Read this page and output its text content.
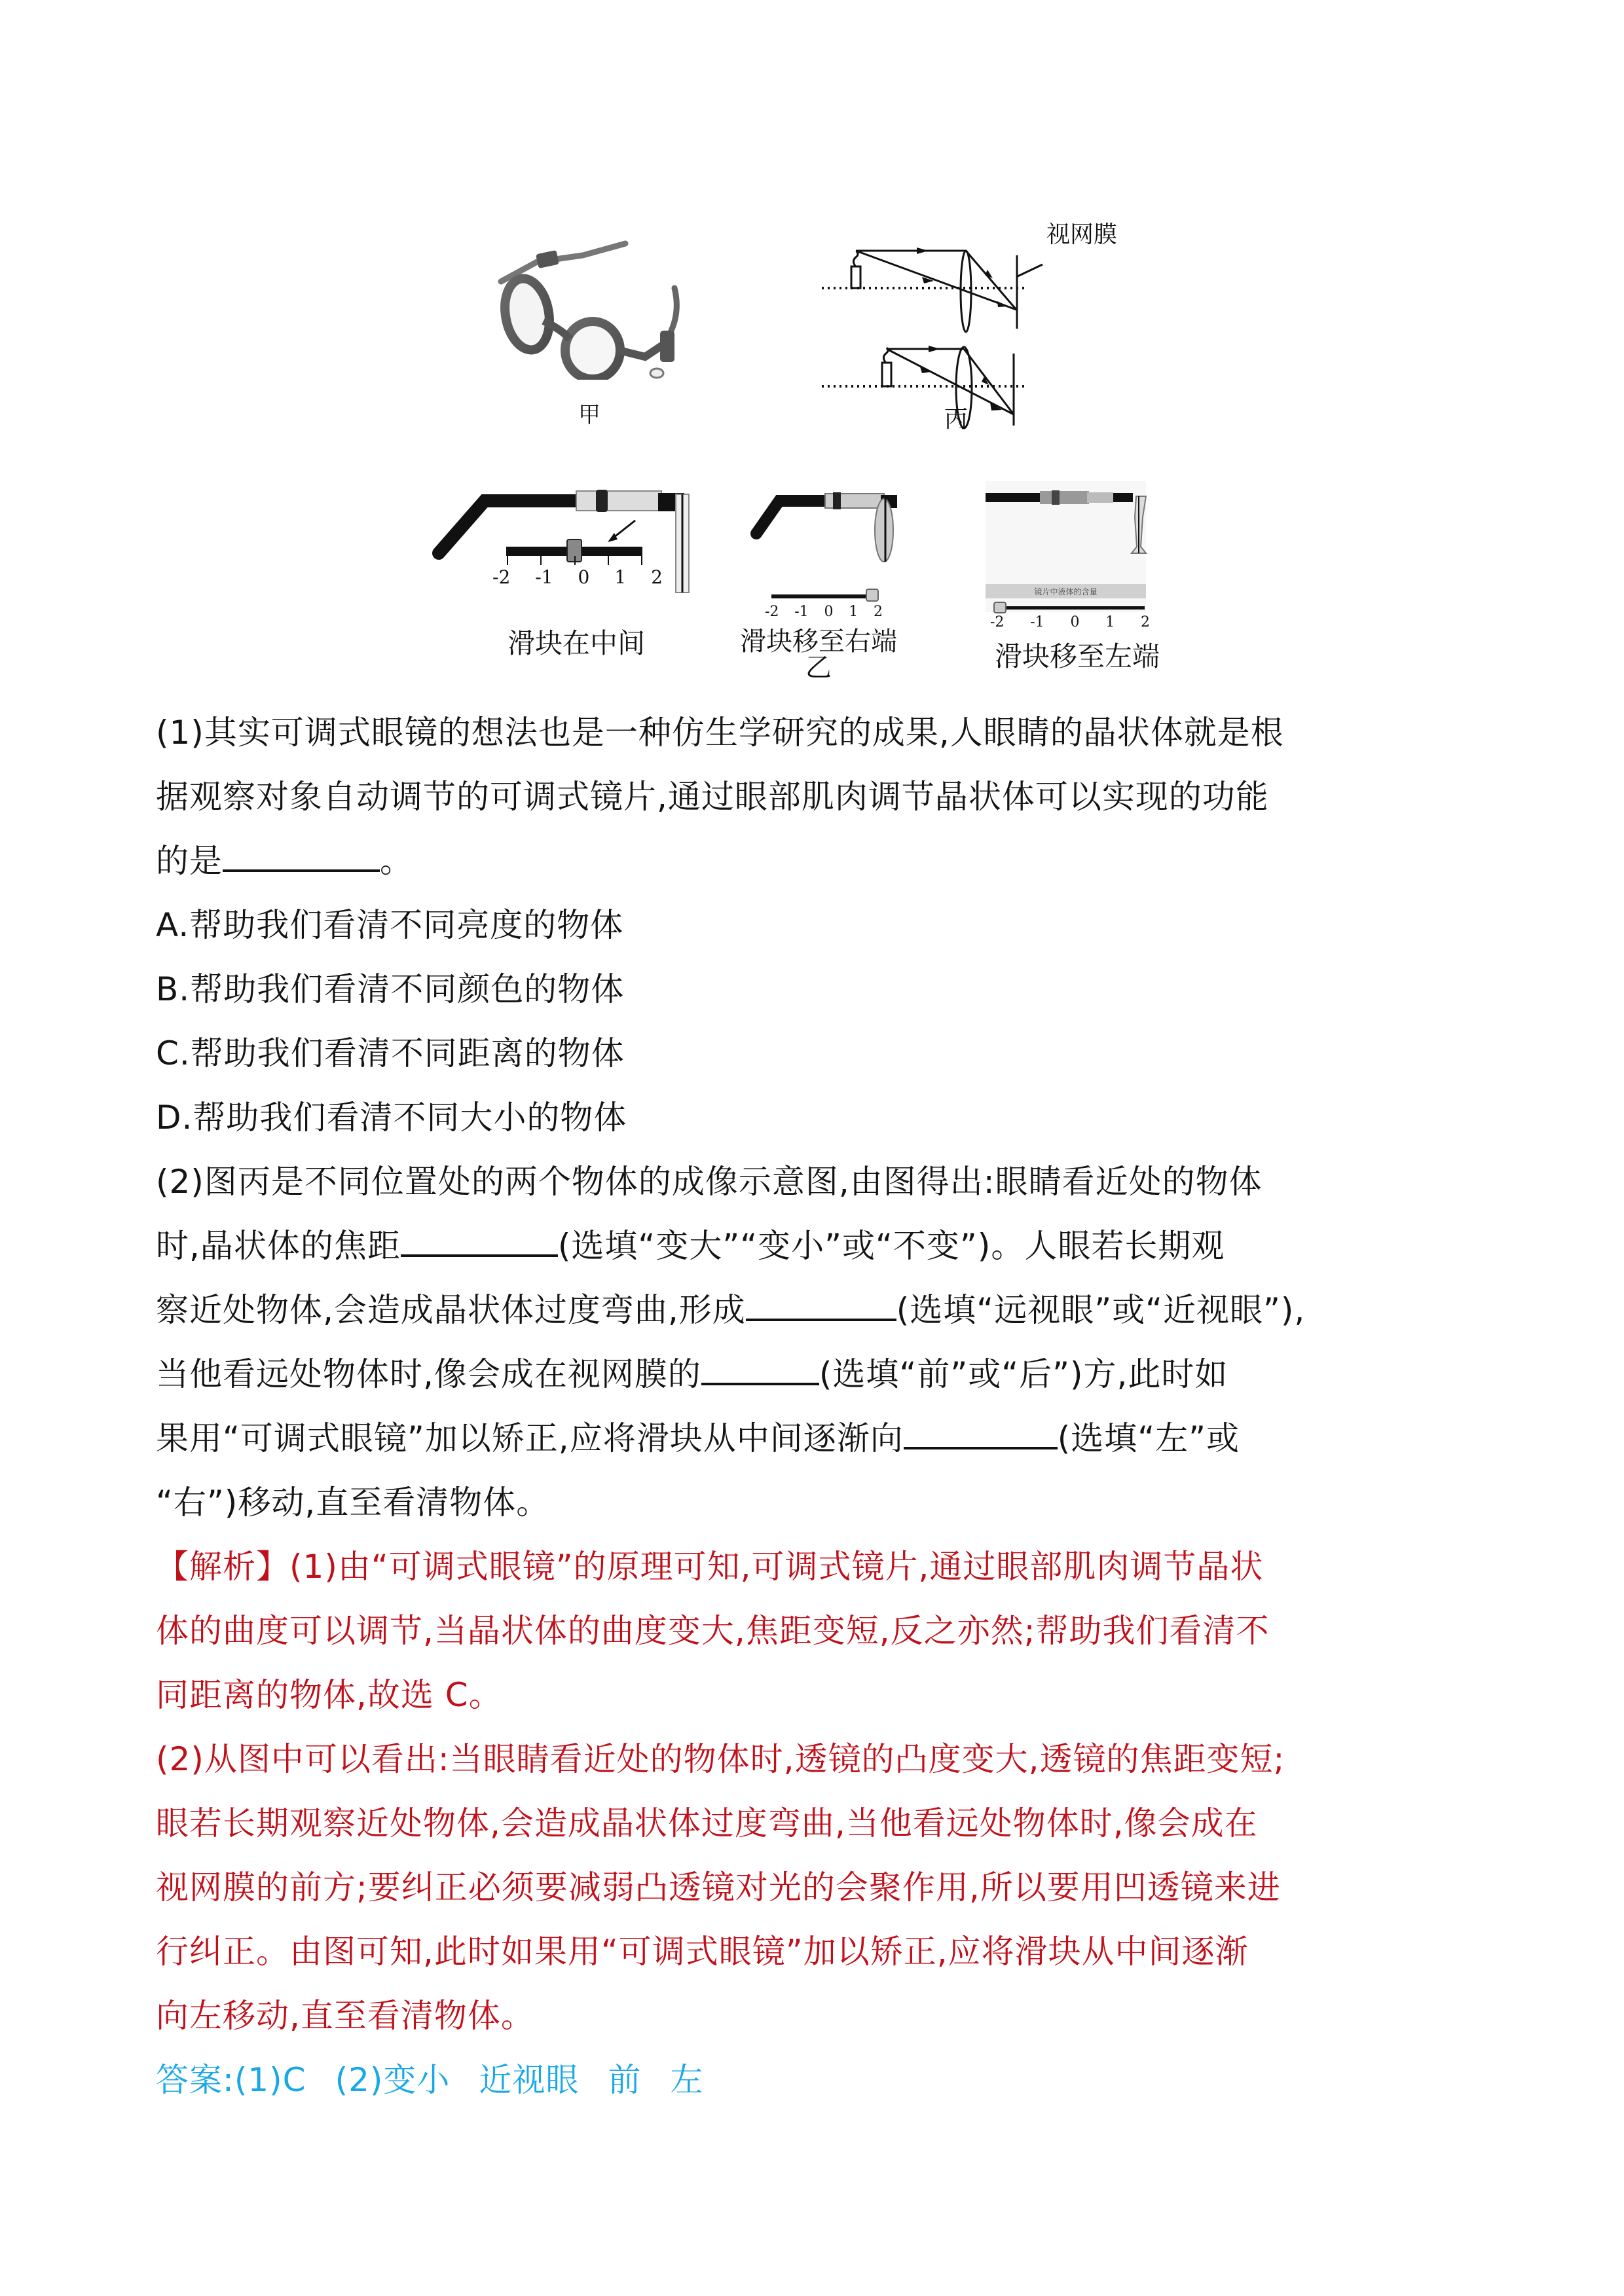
甲
视网膜
丙
-2 -1 0 1 2
滑块在中间
-2 -1 0 1 2
滑块移至右端
乙
镜片中液体的含量
-2 -1 0 1 2
滑块移至左端
(1)其实可调式眼镜的想法也是一种仿生学研究的成果,人眼睛的晶状体就是根
据观察对象自动调节的可调式镜片,通过眼部肌肉调节晶状体可以实现的功能
的是	。
A.帮助我们看清不同亮度的物体
B.帮助我们看清不同颜色的物体
C.帮助我们看清不同距离的物体
D.帮助我们看清不同大小的物体
(2)图丙是不同位置处的两个物体的成像示意图,由图得出:眼睛看近处的物体
时,晶状体的焦距	(选填“变大”“变小”或“不变”)。人眼若长期观
察近处物体,会造成晶状体过度弯曲,形成	(选填“远视眼”或“近视眼”),
当他看远处物体时,像会成在视网膜的	(选填“前”或“后”)方,此时如
果用“可调式眼镜”加以矫正,应将滑块从中间逐渐向	(选填“左”或
“右”)移动,直至看清物体。
【解析】(1)由“可调式眼镜”的原理可知,可调式镜片,通过眼部肌肉调节晶状
体的曲度可以调节,当晶状体的曲度变大,焦距变短,反之亦然;帮助我们看清不
同距离的物体,故选 C。
(2)从图中可以看出:当眼睛看近处的物体时,透镜的凸度变大,透镜的焦距变短;
眼若长期观察近处物体,会造成晶状体过度弯曲,当他看远处物体时,像会成在
视网膜的前方;要纠正必须要减弱凸透镜对光的会聚作用,所以要用凹透镜来进
行纠正。由图可知,此时如果用“可调式眼镜”加以矫正,应将滑块从中间逐渐
向左移动,直至看清物体。
答案:(1)C (2)变小 近视眼 前 左
